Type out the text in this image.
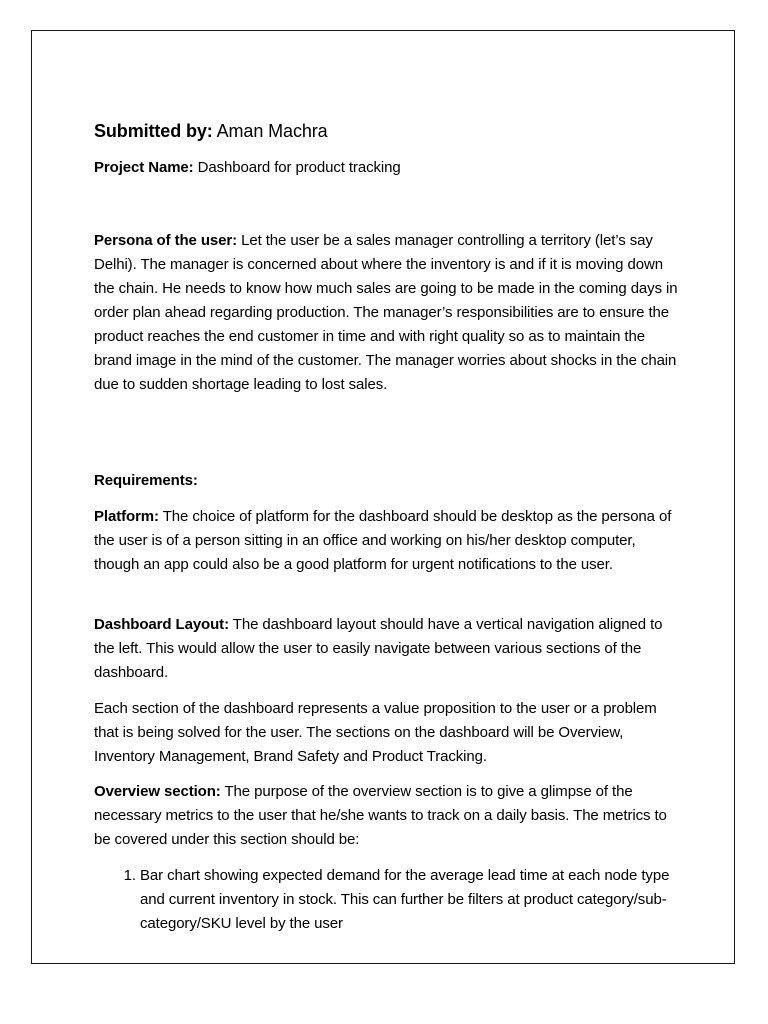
Submitted by: Aman Machra

Project Name: Dashboard for product tracking

Persona of the user: Let the user be a sales manager controlling a territory (let’s say Delhi). The manager is concerned about where the inventory is and if it is moving down the chain. He needs to know how much sales are going to be made in the coming days in order plan ahead regarding production. The manager’s responsibilities are to ensure the product reaches the end customer in time and with right quality so as to maintain the brand image in the mind of the customer. The manager worries about shocks in the chain due to sudden shortage leading to lost sales.

Requirements:

Platform: The choice of platform for the dashboard should be desktop as the persona of the user is of a person sitting in an office and working on his/her desktop computer, though an app could also be a good platform for urgent notifications to the user.

Dashboard Layout: The dashboard layout should have a vertical navigation aligned to the left. This would allow the user to easily navigate between various sections of the dashboard.

Each section of the dashboard represents a value proposition to the user or a problem that is being solved for the user. The sections on the dashboard will be Overview, Inventory Management, Brand Safety and Product Tracking.

Overview section: The purpose of the overview section is to give a glimpse of the necessary metrics to the user that he/she wants to track on a daily basis. The metrics to be covered under this section should be:

1. Bar chart showing expected demand for the average lead time at each node type and current inventory in stock. This can further be filters at product category/sub-category/SKU level by the user
